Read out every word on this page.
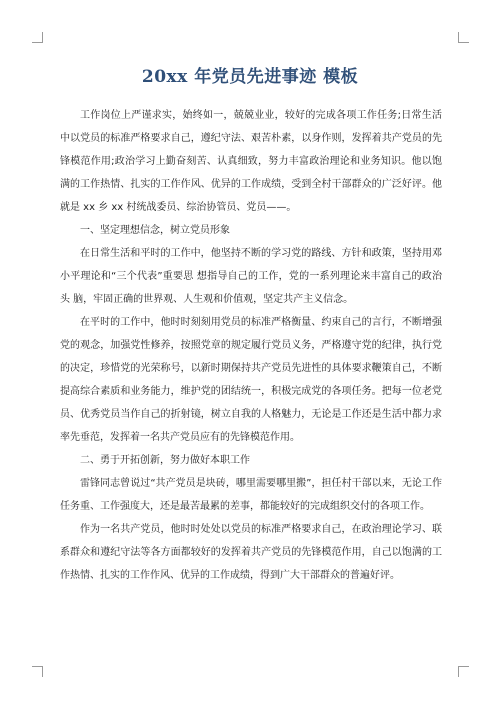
20xx 年党员先进事迹 模板

工作岗位上严谨求实，始终如一，兢兢业业，较好的完成各项工作任务;日常生活中以党员的标准严格要求自己，遵纪守法、艰苦朴素，以身作则，发挥着共产党员的先锋模范作用;政治学习上勤奋刻苦、认真细致，努力丰富政治理论和业务知识。他以饱满的工作热情、扎实的工作作风、优异的工作成绩，受到全村干部群众的广泛好评。他就是 xx 乡 xx 村统战委员、综治协管员、党员——。

一、坚定理想信念，树立党员形象

在日常生活和平时的工作中，他坚持不断的学习党的路线、方针和政策，坚持用邓小平理论和“三个代表”重要思 想指导自己的工作，党的一系列理论来丰富自己的政治头 脑，牢固正确的世界观、人生观和价值观，坚定共产主义信念。

在平时的工作中，他时时刻刻用党员的标准严格衡量、约束自己的言行，不断增强党的观念，加强党性修养，按照党章的规定履行党员义务，严格遵守党的纪律，执行党的决定，珍惜党的光荣称号，以新时期保持共产党员先进性的具体要求鞭策自己，不断提高综合素质和业务能力，维护党的团结统一，积极完成党的各项任务。把每一位老党员、优秀党员当作自己的折射镜，树立自我的人格魅力，无论是工作还是生活中都力求率先垂范，发挥着一名共产党员应有的先锋模范作用。

二、勇于开拓创新，努力做好本职工作

雷锋同志曾说过“共产党员是块砖，哪里需要哪里搬”，担任村干部以来，无论工作任务重、工作强度大，还是最苦最累的差事，都能较好的完成组织交付的各项工作。

作为一名共产党员，他时时处处以党员的标准严格要求自己，在政治理论学习、联系群众和遵纪守法等各方面都较好的发挥着共产党员的先锋模范作用，自己以饱满的工作热情、扎实的工作作风、优异的工作成绩，得到广大干部群众的普遍好评。
